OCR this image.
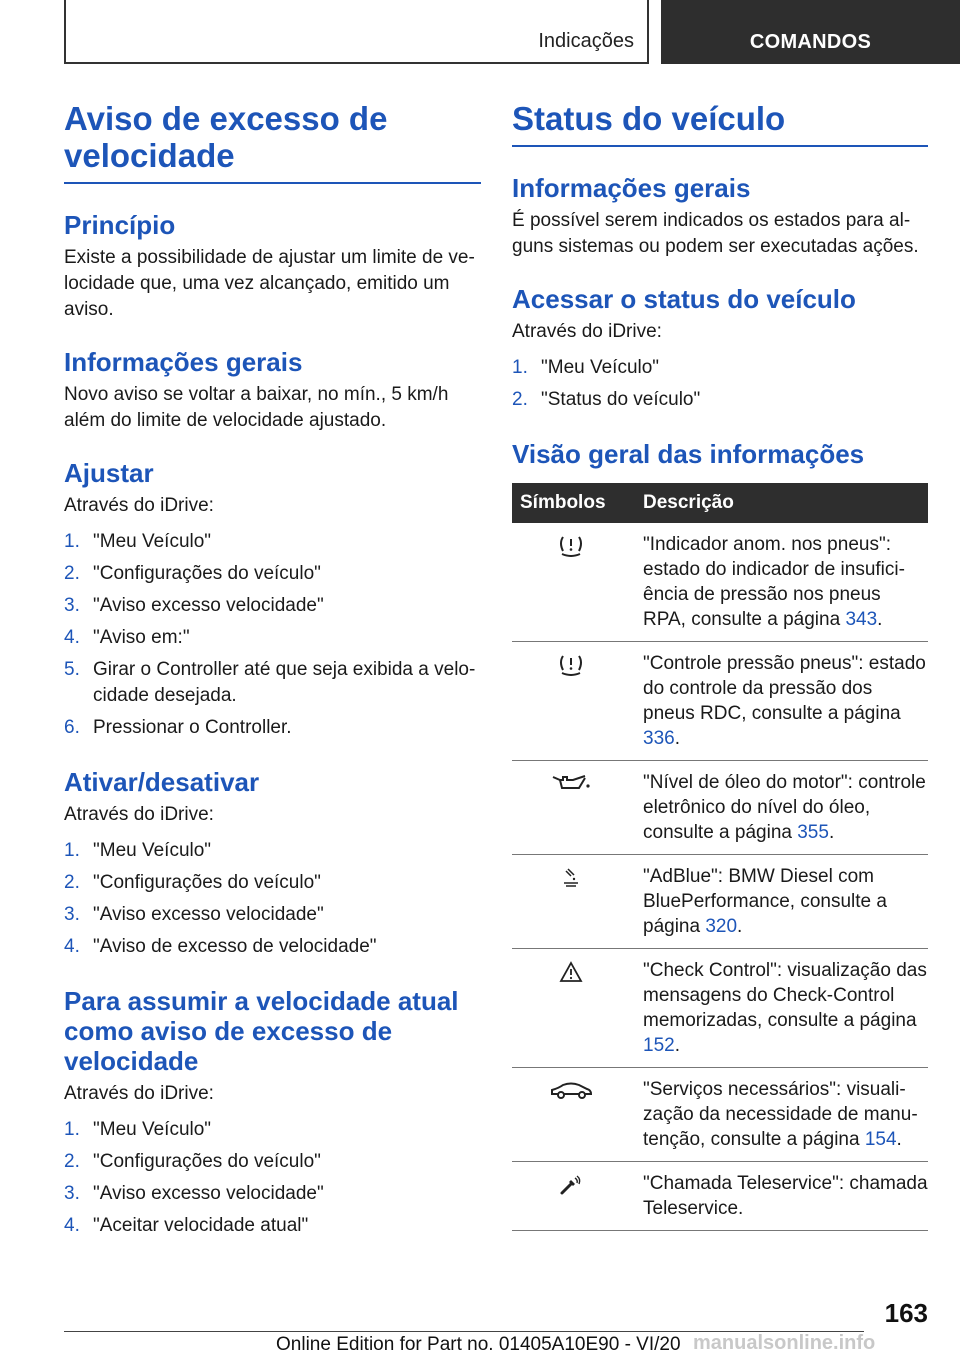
Indicações	COMANDOS
Aviso de excesso de velocidade
Princípio

Existe a possibilidade de ajustar um limite de velocidade que, uma vez alcançado, emitido um aviso.

Informações gerais

Novo aviso se voltar a baixar, no mín., 5 km/h além do limite de velocidade ajustado.

Ajustar

Através do iDrive:

1. "Meu Veículo"
2. "Configurações do veículo"
3. "Aviso excesso velocidade"
4. "Aviso em:"
5. Girar o Controller até que seja exibida a velocidade desejada.
6. Pressionar o Controller.
Ativar/desativar

Através do iDrive:

1. "Meu Veículo"
2. "Configurações do veículo"
3. "Aviso excesso velocidade"
4. "Aviso de excesso de velocidade"
Para assumir a velocidade atual como aviso de excesso de velocidade

Através do iDrive:

1. "Meu Veículo"
2. "Configurações do veículo"
3. "Aviso excesso velocidade"
4. "Aceitar velocidade atual"
Status do veículo
Informações gerais

É possível serem indicados os estados para alguns sistemas ou podem ser executadas ações.

Acessar o status do veículo

Através do iDrive:

1. "Meu Veículo"
2. "Status do veículo"
Visão geral das informações
Símbolos	Descrição
"Indicador anom. nos pneus": estado do indicador de insuficiência de pressão nos pneus RPA, consulte a página 343.
"Controle pressão pneus": estado do controle da pressão dos pneus RDC, consulte a página 336.
"Nível de óleo do motor": controle eletrônico do nível do óleo, consulte a página 355.
"AdBlue": BMW Diesel com BluePerformance, consulte a página 320.
"Check Control": visualização das mensagens do Check-Control memorizadas, consulte a página 152.
"Serviços necessários": visualização da necessidade de manutenção, consulte a página 154.
"Chamada Teleservice": chamada Teleservice.
163
Online Edition for Part no. 01405A10E90 - VI/20 manualsonline.info
